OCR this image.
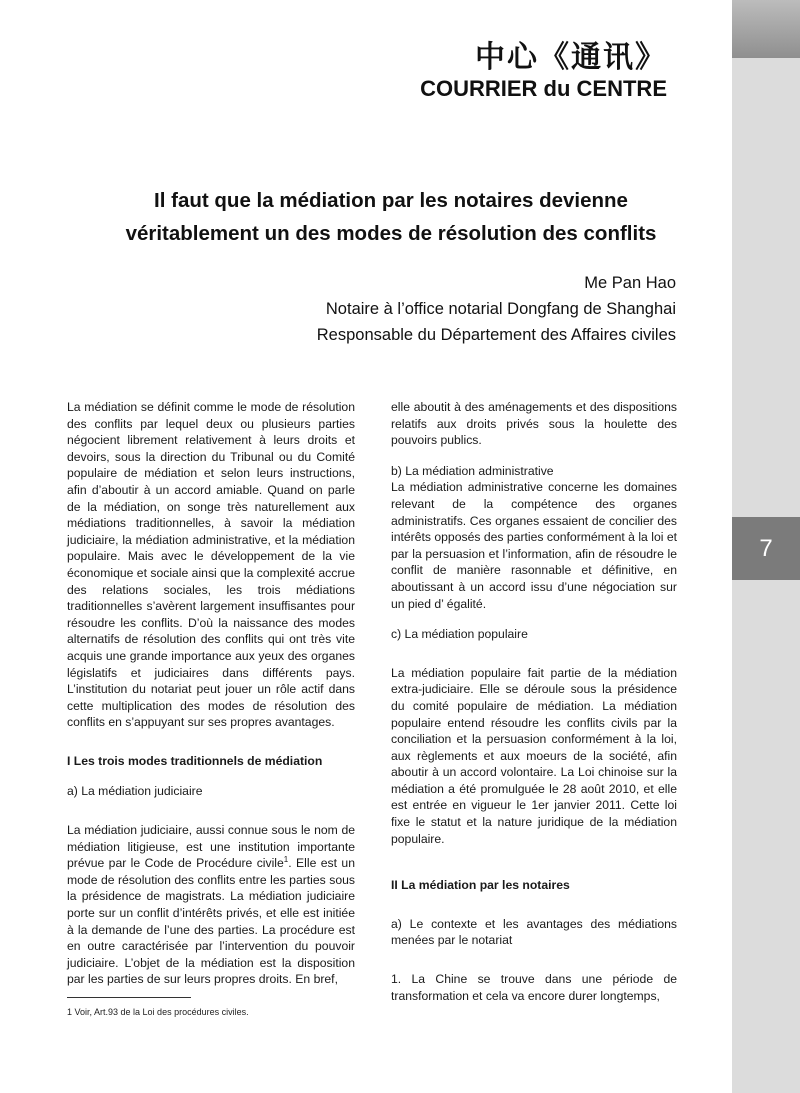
7
中心《通讯》
COURRIER du CENTRE
Il faut que la médiation par les notaires devienne
véritablement un des modes de résolution des conflits
Me Pan Hao
Notaire à l’office notarial Dongfang de Shanghai
Responsable du Département des Affaires civiles

La médiation se définit comme le mode de résolution des conflits par lequel deux ou plusieurs parties négocient librement relativement à leurs droits et devoirs, sous la direction du Tribunal ou du Comité populaire de médiation et selon leurs instructions, afin d’aboutir à un accord amiable. Quand on parle de la médiation, on songe très naturellement aux médiations traditionnelles, à savoir la médiation judiciaire, la médiation administrative, et la médiation populaire. Mais avec le développement de la vie économique et sociale ainsi que la complexité accrue des relations sociales, les trois médiations traditionnelles s’avèrent largement insuffisantes pour résoudre les conflits. D’où la naissance des modes alternatifs de résolution des conflits qui ont très vite acquis une grande importance aux yeux des organes législatifs et judiciaires dans différents pays. L’institution du notariat peut jouer un rôle actif dans cette multiplication des modes de résolution des conflits en s’appuyant sur ses propres avantages.

I Les trois modes traditionnels de médiation

a) La médiation judiciaire

La médiation judiciaire, aussi connue sous le nom de médiation litigieuse, est une institution importante prévue par le Code de Procédure civile$^1$. Elle est un mode de résolution des conflits entre les parties sous la présidence de magistrats. La médiation judiciaire porte sur un conflit d’intérêts privés, et elle est initiée à la demande de l’une des parties. La procédure est en outre caractérisée par l’intervention du pouvoir judiciaire. L’objet de la médiation est la disposition par les parties de sur leurs propres droits. En bref,

elle aboutit à des aménagements et des dispositions relatifs aux droits privés sous la houlette des pouvoirs publics.

b) La médiation administrative

La médiation administrative concerne les domaines relevant de la compétence des organes administratifs. Ces organes essaient de concilier des intérêts opposés des parties conformément à la loi et par la persuasion et l’information, afin de résoudre le conflit de manière rasonnable et définitive, en aboutissant à un accord issu d’une négociation sur un pied d’ égalité.

c) La médiation populaire

La médiation populaire fait partie de la médiation extra-judiciaire. Elle se déroule sous la présidence du comité populaire de médiation. La médiation populaire entend résoudre les conflits civils par la conciliation et la persuasion conformément à la loi, aux règlements et aux moeurs de la société, afin aboutir à un accord volontaire. La Loi chinoise sur la médiation a été promulguée le 28 août 2010, et elle est entrée en vigueur le 1er janvier 2011. Cette loi fixe le statut et la nature juridique de la médiation populaire.

II La médiation par les notaires

a) Le contexte et les avantages des médiations menées par le notariat

1. La Chine se trouve dans une période de transformation et cela va encore durer longtemps,

1 Voir, Art.93 de la Loi des procédures civiles.
